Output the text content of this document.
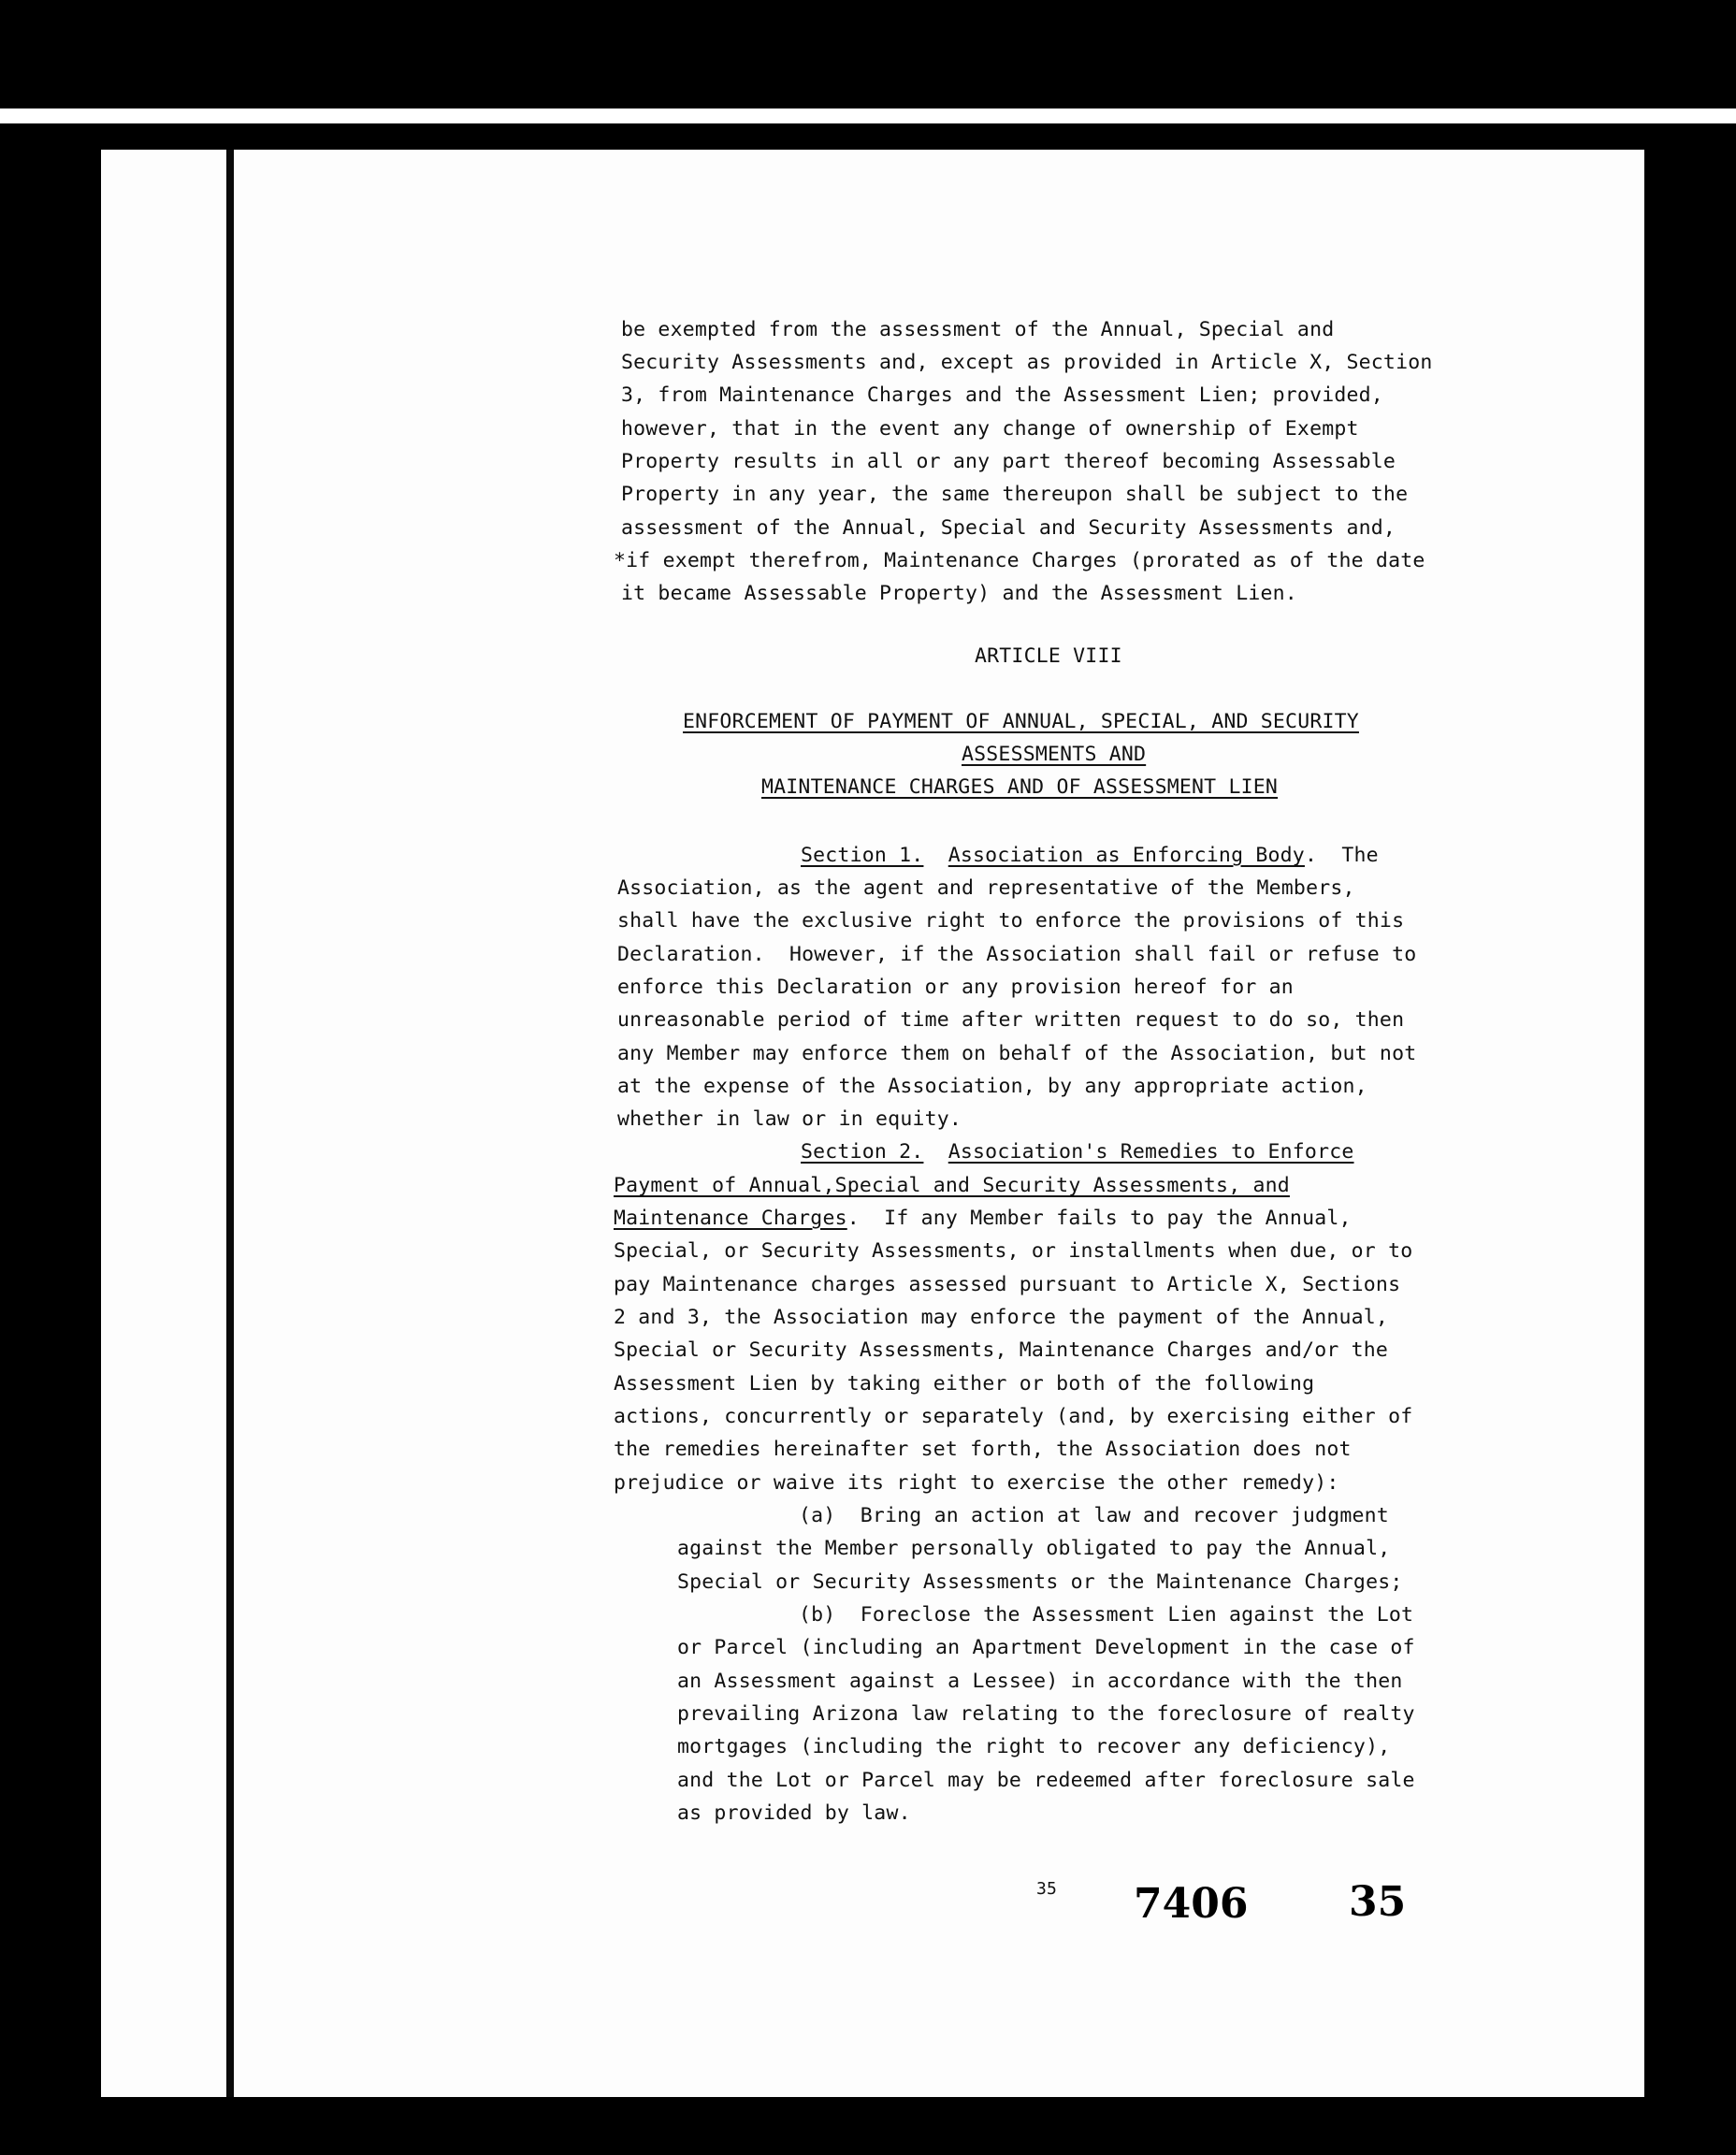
be exempted from the assessment of the Annual, Special and
Security Assessments and, except as provided in Article X, Section
3, from Maintenance Charges and the Assessment Lien; provided,
however, that in the event any change of ownership of Exempt
Property results in all or any part thereof becoming Assessable
Property in any year, the same thereupon shall be subject to the
assessment of the Annual, Special and Security Assessments and,
*if exempt therefrom, Maintenance Charges (prorated as of the date
it became Assessable Property) and the Assessment Lien.
ARTICLE VIII
ENFORCEMENT OF PAYMENT OF ANNUAL, SPECIAL, AND SECURITY
ASSESSMENTS AND
MAINTENANCE CHARGES AND OF ASSESSMENT LIEN
Section 1. Association as Enforcing Body.  The
Association, as the agent and representative of the Members,
shall have the exclusive right to enforce the provisions of this
Declaration.  However, if the Association shall fail or refuse to
enforce this Declaration or any provision hereof for an
unreasonable period of time after written request to do so, then
any Member may enforce them on behalf of the Association, but not
at the expense of the Association, by any appropriate action,
whether in law or in equity.
Section 2. Association's Remedies to Enforce
Payment of Annual,Special and Security Assessments, and
Maintenance Charges.  If any Member fails to pay the Annual,
Special, or Security Assessments, or installments when due, or to
pay Maintenance charges assessed pursuant to Article X, Sections
2 and 3, the Association may enforce the payment of the Annual,
Special or Security Assessments, Maintenance Charges and/or the
Assessment Lien by taking either or both of the following
actions, concurrently or separately (and, by exercising either of
the remedies hereinafter set forth, the Association does not
prejudice or waive its right to exercise the other remedy):
(a)  Bring an action at law and recover judgment
against the Member personally obligated to pay the Annual,
Special or Security Assessments or the Maintenance Charges;
(b)  Foreclose the Assessment Lien against the Lot
or Parcel (including an Apartment Development in the case of
an Assessment against a Lessee) in accordance with the then
prevailing Arizona law relating to the foreclosure of realty
mortgages (including the right to recover any deficiency),
and the Lot or Parcel may be redeemed after foreclosure sale
as provided by law.
35 7406 35
